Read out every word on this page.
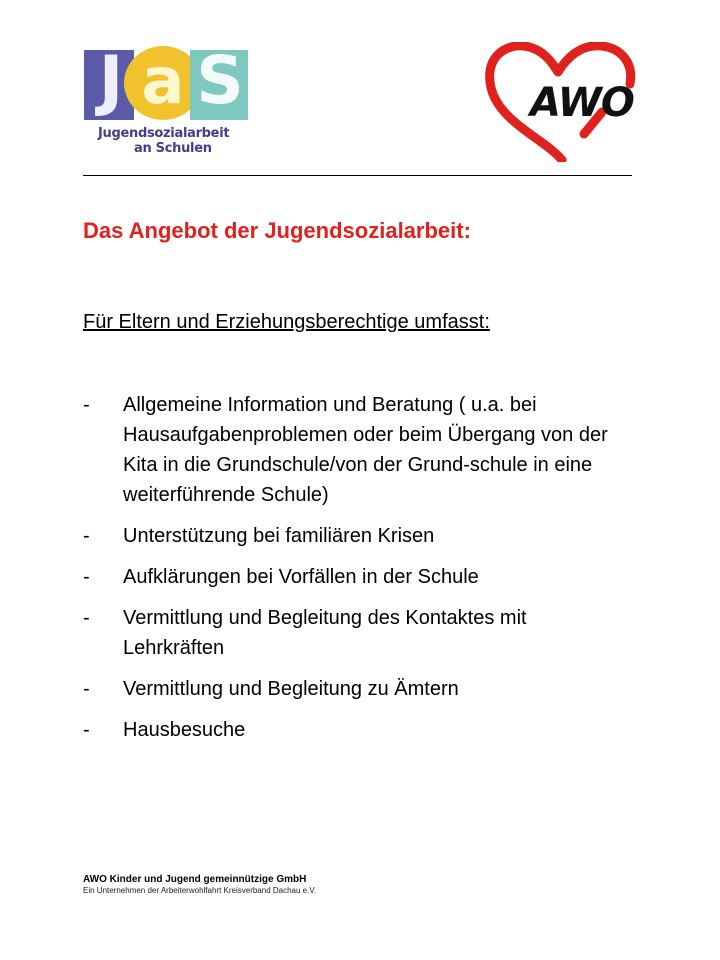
J a S
Jugendsozialarbeit
an Schulen
AWO
Das Angebot der Jugendsozialarbeit:
Für Eltern und Erziehungsberechtige umfasst:
- Allgemeine Information und Beratung ( u.a. bei Hausaufgabenproblemen oder beim Übergang von der Kita in die Grundschule/von der Grund-schule in eine weiterführende Schule)
- Unterstützung bei familiären Krisen
- Aufklärungen bei Vorfällen in der Schule
- Vermittlung und Begleitung des Kontaktes mit Lehrkräften
- Vermittlung und Begleitung zu Ämtern
- Hausbesuche
AWO Kinder und Jugend gemeinnützige GmbH
Ein Unternehmen der Arbeiterwohlfahrt Kreisverband Dachau e.V.
